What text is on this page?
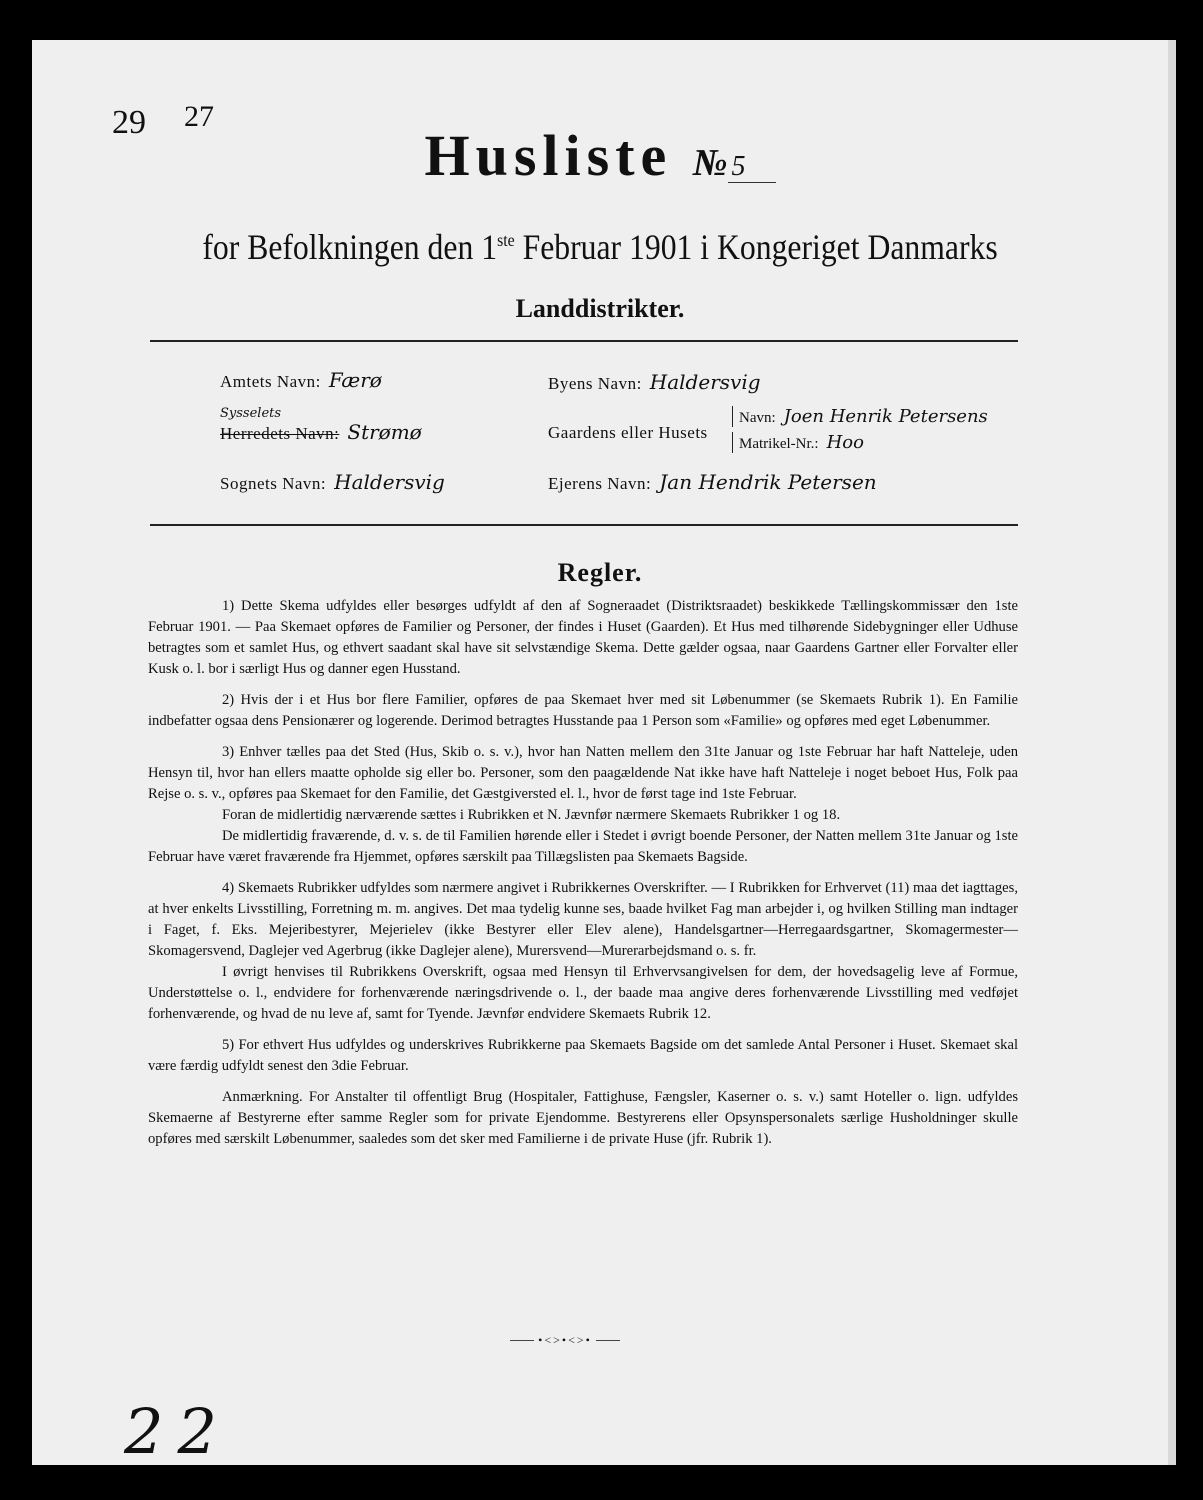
29 27
Husliste № 5
for Befolkningen den 1ste Februar 1901 i Kongeriget Danmarks
Landdistrikter.
Amtets Navn: Færø
Sysselets
Herredets Navn: Strømø
Sognets Navn: Haldersvig
Byens Navn: Haldersvig
Gaardens eller Husets
Navn: Joen Henrik Petersens
Matrikel-Nr.: Hoo
Ejerens Navn: Jan Hendrik Petersen
Regler.

1) Dette Skema udfyldes eller besørges udfyldt af den af Sogneraadet (Distriktsraadet) beskikkede Tællingskommissær den 1ste Februar 1901. — Paa Skemaet opføres de Familier og Personer, der findes i Huset (Gaarden). Et Hus med tilhørende Sidebygninger eller Udhuse betragtes som et samlet Hus, og ethvert saadant skal have sit selvstændige Skema. Dette gælder ogsaa, naar Gaardens Gartner eller Forvalter eller Kusk o. l. bor i særligt Hus og danner egen Husstand.

2) Hvis der i et Hus bor flere Familier, opføres de paa Skemaet hver med sit Løbenummer (se Skemaets Rubrik 1). En Familie indbefatter ogsaa dens Pensionærer og logerende. Derimod betragtes Husstande paa 1 Person som «Familie» og opføres med eget Løbenummer.

3) Enhver tælles paa det Sted (Hus, Skib o. s. v.), hvor han Natten mellem den 31te Januar og 1ste Februar har haft Natteleje, uden Hensyn til, hvor han ellers maatte opholde sig eller bo. Personer, som den paagældende Nat ikke have haft Natteleje i noget beboet Hus, Folk paa Rejse o. s. v., opføres paa Skemaet for den Familie, det Gæstgiversted el. l., hvor de først tage ind 1ste Februar.

Foran de midlertidig nærværende sættes i Rubrikken et N. Jævnfør nærmere Skemaets Rubrikker 1 og 18.

De midlertidig fraværende, d. v. s. de til Familien hørende eller i Stedet i øvrigt boende Personer, der Natten mellem 31te Januar og 1ste Februar have været fraværende fra Hjemmet, opføres særskilt paa Tillægslisten paa Skemaets Bagside.

4) Skemaets Rubrikker udfyldes som nærmere angivet i Rubrikkernes Overskrifter. — I Rubrikken for Erhvervet (11) maa det iagttages, at hver enkelts Livsstilling, Forretning m. m. angives. Det maa tydelig kunne ses, baade hvilket Fag man arbejder i, og hvilken Stilling man indtager i Faget, f. Eks. Mejeribestyrer, Mejerielev (ikke Bestyrer eller Elev alene), Handelsgartner—Herregaardsgartner, Skomagermester—Skomagersvend, Daglejer ved Agerbrug (ikke Daglejer alene), Murersvend—Murerarbejdsmand o. s. fr.

I øvrigt henvises til Rubrikkens Overskrift, ogsaa med Hensyn til Erhvervsangivelsen for dem, der hovedsagelig leve af Formue, Understøttelse o. l., endvidere for forhenværende næringsdrivende o. l., der baade maa angive deres forhenværende Livsstilling med vedføjet forhenværende, og hvad de nu leve af, samt for Tyende. Jævnfør endvidere Skemaets Rubrik 12.

5) For ethvert Hus udfyldes og underskrives Rubrikkerne paa Skemaets Bagside om det samlede Antal Personer i Huset. Skemaet skal være færdig udfyldt senest den 3die Februar.

Anmærkning. For Anstalter til offentligt Brug (Hospitaler, Fattighuse, Fængsler, Kaserner o. s. v.) samt Hoteller o. lign. udfyldes Skemaerne af Bestyrerne efter samme Regler som for private Ejendomme. Bestyrerens eller Opsynspersonalets særlige Husholdninger skulle opføres med særskilt Løbenummer, saaledes som det sker med Familierne i de private Huse (jfr. Rubrik 1).

•<>•<>•
22
